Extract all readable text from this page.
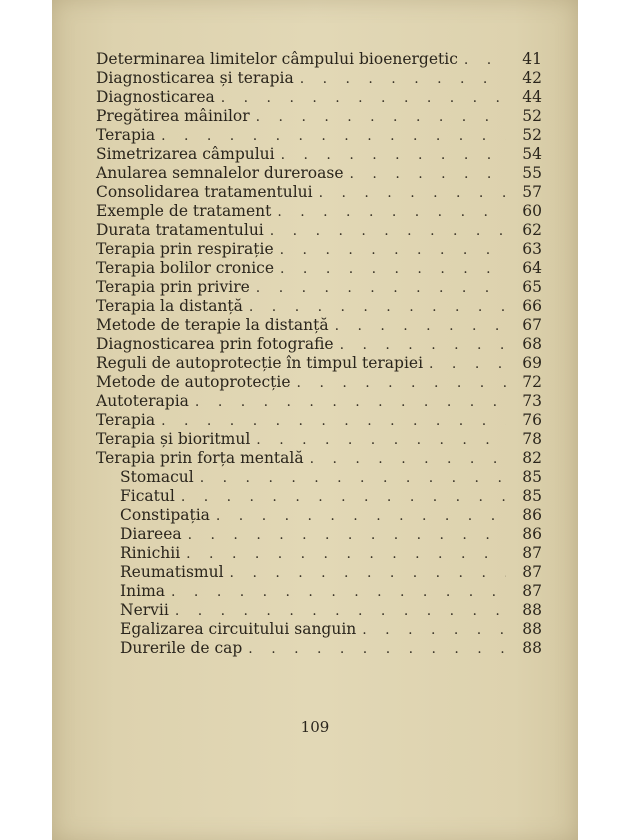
Determinarea limitelor câmpului bioenergetic . . .	41
Diagnosticarea și terapia . . .	42
Diagnosticarea . . .	44
Pregătirea mâinilor . . .	52
Terapia . . .	52
Simetrizarea câmpului . . .	54
Anularea semnalelor dureroase . . .	55
Consolidarea tratamentului . . .	57
Exemple de tratament . . .	60
Durata tratamentului . . .	62
Terapia prin respirație . . .	63
Terapia bolilor cronice . . .	64
Terapia prin privire . . .	65
Terapia la distanță . . .	66
Metode de terapie la distanță . . .	67
Diagnosticarea prin fotografie . . .	68
Reguli de autoprotecție în timpul terapiei . . .	69
Metode de autoprotecție . . .	72
Autoterapia . . .	73
Terapia . . .	76
Terapia și bioritmul . . .	78
Terapia prin forța mentală . . .	82
Stomacul . . .	85
Ficatul . . .	85
Constipația . . .	86
Diareea . . .	86
Rinichii . . .	87
Reumatismul . . .	87
Inima . . .	87
Nervii . . .	88
Egalizarea circuitului sanguin . . .	88
Durerile de cap . . .	88
109
